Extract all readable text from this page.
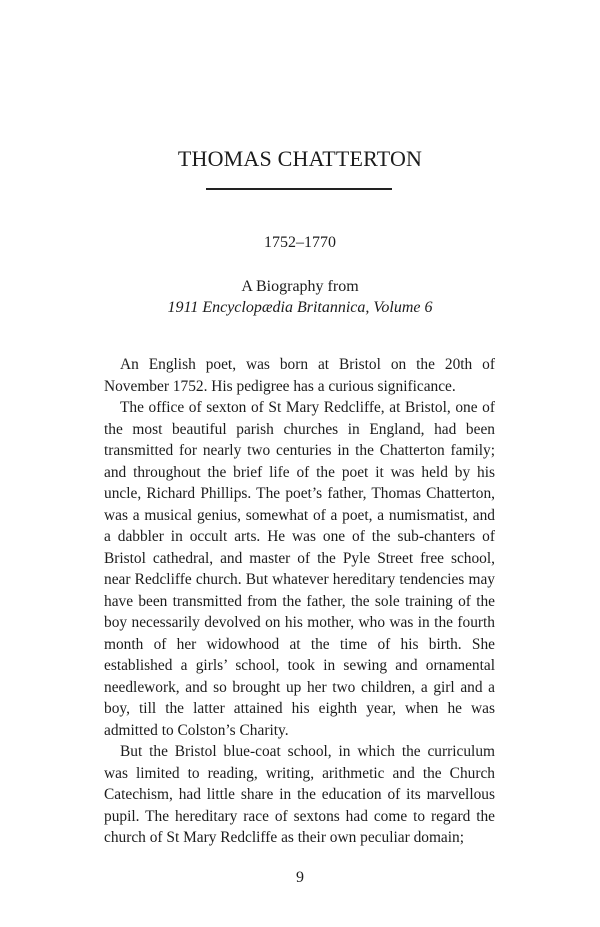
THOMAS CHATTERTON
1752–1770
A Biography from
1911 Encyclopædia Britannica, Volume 6

An English poet, was born at Bristol on the 20th of November 1752. His pedigree has a curious significance.

The office of sexton of St Mary Redcliffe, at Bristol, one of the most beautiful parish churches in England, had been transmitted for nearly two centuries in the Chatterton family; and throughout the brief life of the poet it was held by his uncle, Richard Phillips. The poet’s father, Thomas Chatterton, was a musical genius, somewhat of a poet, a numismatist, and a dabbler in occult arts. He was one of the sub-chanters of Bristol cathedral, and master of the Pyle Street free school, near Redcliffe church. But whatever hereditary tendencies may have been transmitted from the father, the sole training of the boy necessarily devolved on his mother, who was in the fourth month of her widowhood at the time of his birth. She established a girls’ school, took in sewing and ornamental needlework, and so brought up her two children, a girl and a boy, till the latter attained his eighth year, when he was admitted to Colston’s Charity.

But the Bristol blue-coat school, in which the curriculum was limited to reading, writing, arithmetic and the Church Catechism, had little share in the education of its marvellous pupil. The hereditary race of sextons had come to regard the church of St Mary Redcliffe as their own peculiar domain;

9
